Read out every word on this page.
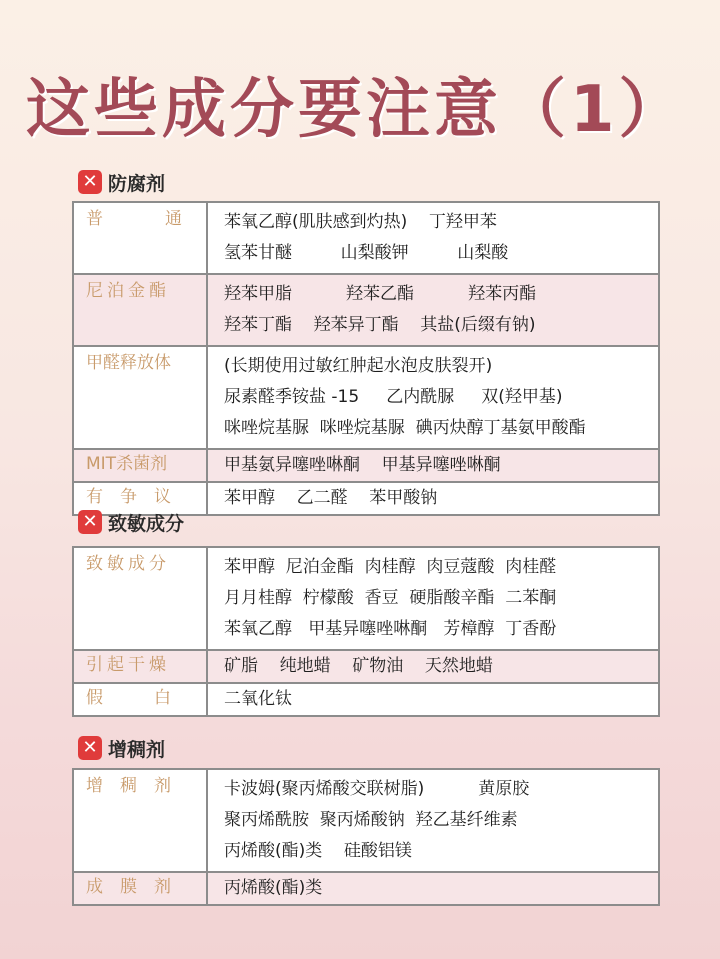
这些成分要注意（1）
✕ 防腐剂
普　　通	苯氧乙醇(肌肤感到灼热)    丁羟甲苯
氢苯甘醚         山梨酸钾         山梨酸

尼泊金酯	羟苯甲脂          羟苯乙酯          羟苯丙酯
羟苯丁酯    羟苯异丁酯    其盐(后缀有钠)

甲醛释放体	(长期使用过敏红肿起水泡皮肤裂开)
尿素醛季铵盐 -15     乙内酰脲     双(羟甲基)
咪唑烷基脲  咪唑烷基脲  碘丙炔醇丁基氨甲酸酯

MIT杀菌剂	甲基氨异噻唑啉酮    甲基异噻唑啉酮

有　争　议	苯甲醇    乙二醛    苯甲酸钠
✕ 致敏成分
致敏成分	苯甲醇  尼泊金酯  肉桂醇  肉豆蔻酸  肉桂醛
月月桂醇  柠檬酸  香豆  硬脂酸辛酯  二苯酮
苯氧乙醇   甲基异噻唑啉酮   芳樟醇  丁香酚

引起干燥	矿脂    纯地蜡    矿物油    天然地蜡

假　　　白	二氧化钛
✕ 增稠剂
增　稠　剂	卡波姆(聚丙烯酸交联树脂)          黄原胶
聚丙烯酰胺  聚丙烯酸钠  羟乙基纤维素
丙烯酸(酯)类    硅酸铝镁

成　膜　剂	丙烯酸(酯)类
